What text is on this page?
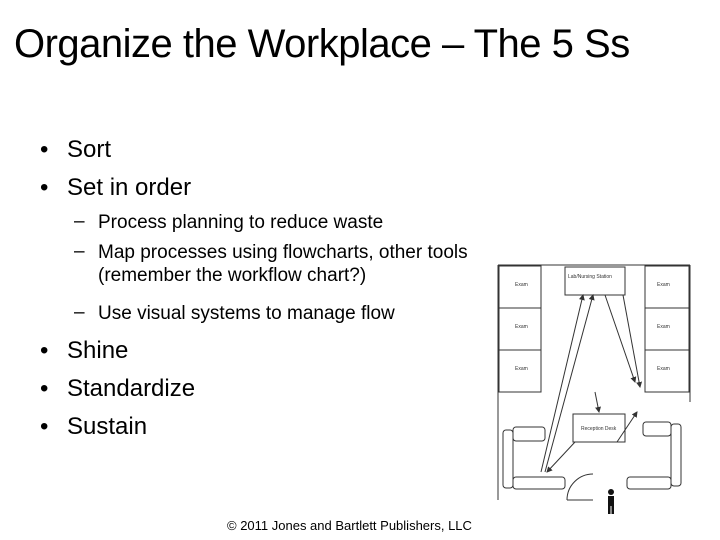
Organize the Workplace – The 5 Ss
• Sort
• Set in order
– Process planning to reduce waste
– Map processes using flowcharts, other tools (remember the workflow chart?)
– Use visual systems to manage flow
• Shine
• Standardize
• Sustain
Exam
Exam
Exam
Exam
Exam
Exam
Lab/Nursing Station
Reception Desk
© 2011 Jones and Bartlett Publishers, LLC
